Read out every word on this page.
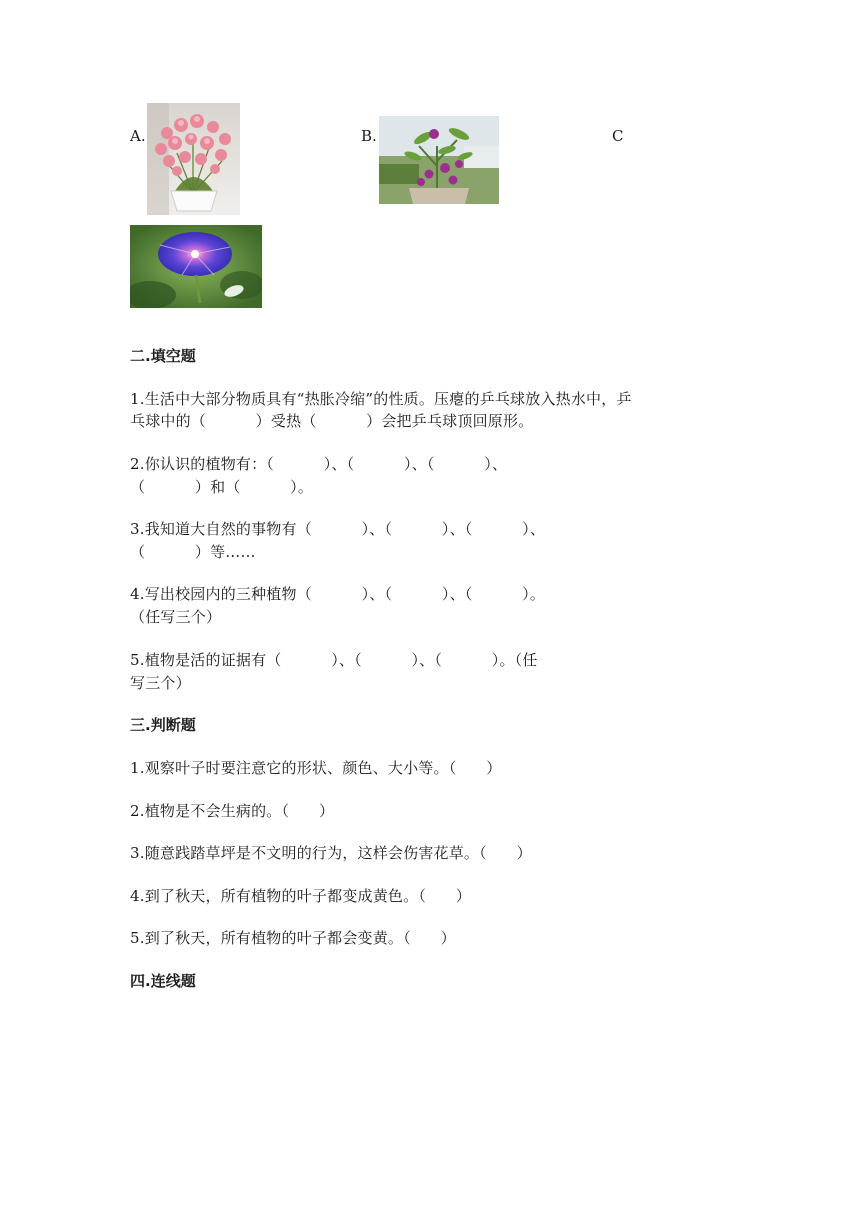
A.	B.	C
二.填空题
1.生活中大部分物质具有“热胀冷缩”的性质。压瘪的乒乓球放入热水中，乒
乓球中的（          ）受热（          ）会把乒乓球顶回原形。
2.你认识的植物有：（          ）、（          ）、（          ）、
（          ）和（          ）。
3.我知道大自然的事物有（          ）、（          ）、（          ）、
（          ）等……
4.写出校园内的三种植物（          ）、（          ）、（          ）。
（任写三个）
5.植物是活的证据有（          ）、（          ）、（          ）。（任
写三个）
三.判断题
1.观察叶子时要注意它的形状、颜色、大小等。（      ）
2.植物是不会生病的。（      ）
3.随意践踏草坪是不文明的行为，这样会伤害花草。（      ）
4.到了秋天，所有植物的叶子都变成黄色。（      ）
5.到了秋天，所有植物的叶子都会变黄。（      ）
四.连线题
